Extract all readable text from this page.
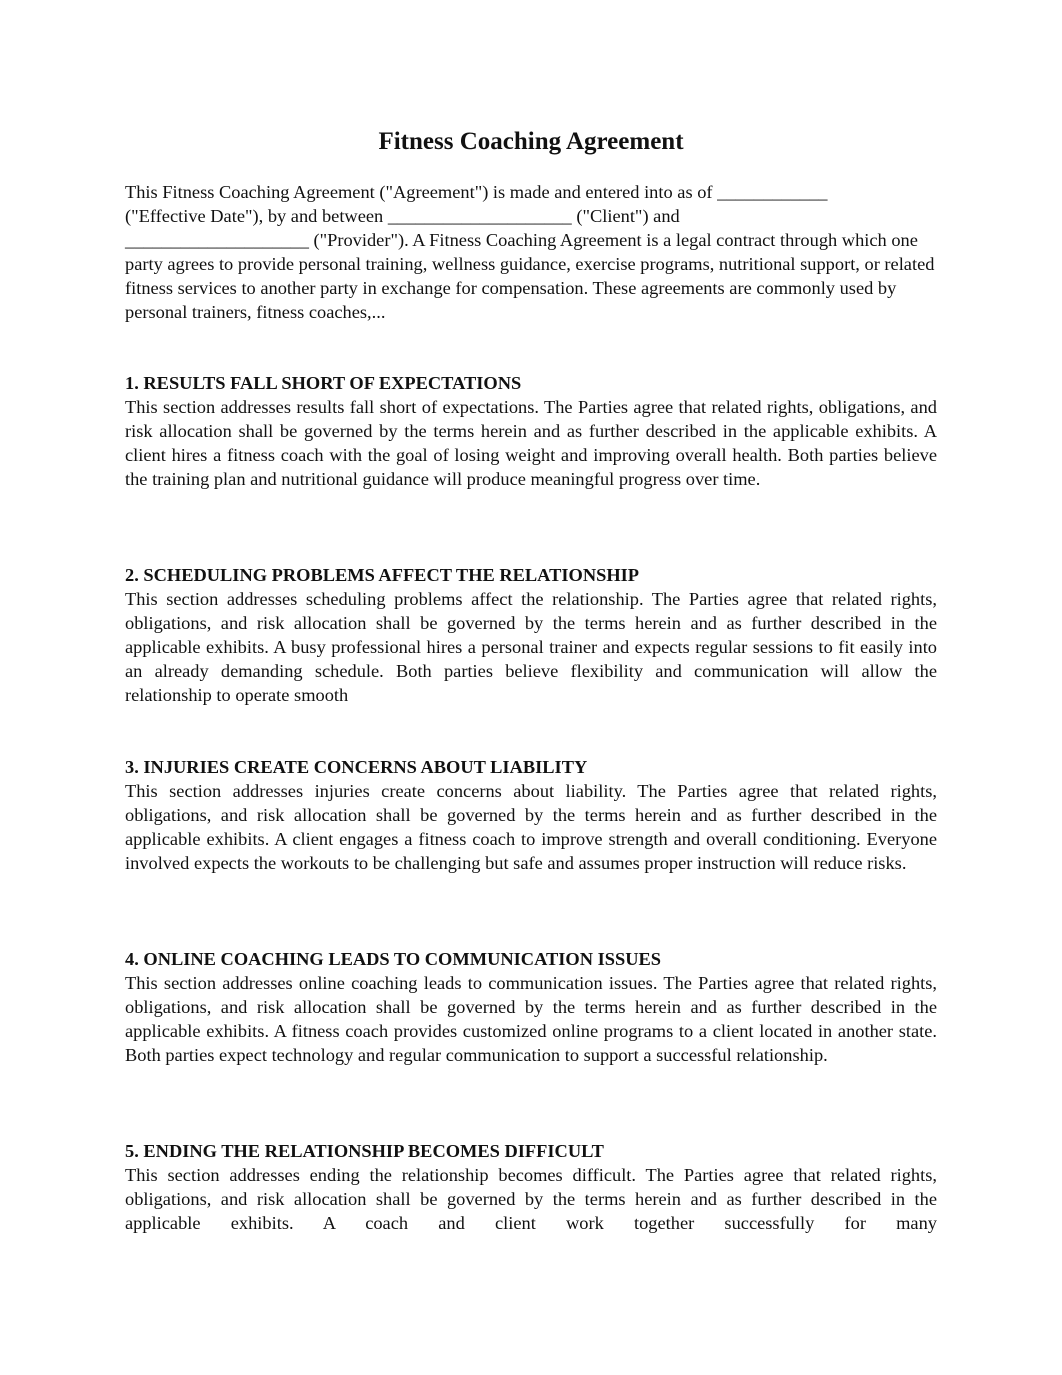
Fitness Coaching Agreement

This Fitness Coaching Agreement ("Agreement") is made and entered into as of ____________
("Effective Date"), by and between ____________________ ("Client") and
____________________ ("Provider"). A Fitness Coaching Agreement is a legal contract through which one party agrees to provide personal training, wellness guidance, exercise programs, nutritional support, or related fitness services to another party in exchange for compensation. These agreements are commonly used by personal trainers, fitness coaches,...

1. RESULTS FALL SHORT OF EXPECTATIONS

This section addresses results fall short of expectations. The Parties agree that related rights, obligations, and risk allocation shall be governed by the terms herein and as further described in the applicable exhibits. A client hires a fitness coach with the goal of losing weight and improving overall health. Both parties believe the training plan and nutritional guidance will produce meaningful progress over time.

2. SCHEDULING PROBLEMS AFFECT THE RELATIONSHIP

This section addresses scheduling problems affect the relationship. The Parties agree that related rights, obligations, and risk allocation shall be governed by the terms herein and as further described in the applicable exhibits. A busy professional hires a personal trainer and expects regular sessions to fit easily into an already demanding schedule. Both parties believe flexibility and communication will allow the relationship to operate smooth

3. INJURIES CREATE CONCERNS ABOUT LIABILITY

This section addresses injuries create concerns about liability. The Parties agree that related rights, obligations, and risk allocation shall be governed by the terms herein and as further described in the applicable exhibits. A client engages a fitness coach to improve strength and overall conditioning. Everyone involved expects the workouts to be challenging but safe and assumes proper instruction will reduce risks.

4. ONLINE COACHING LEADS TO COMMUNICATION ISSUES

This section addresses online coaching leads to communication issues. The Parties agree that related rights, obligations, and risk allocation shall be governed by the terms herein and as further described in the applicable exhibits. A fitness coach provides customized online programs to a client located in another state. Both parties expect technology and regular communication to support a successful relationship.

5. ENDING THE RELATIONSHIP BECOMES DIFFICULT

This section addresses ending the relationship becomes difficult. The Parties agree that related rights, obligations, and risk allocation shall be governed by the terms herein and as further described in the applicable exhibits. A coach and client work together successfully for many
